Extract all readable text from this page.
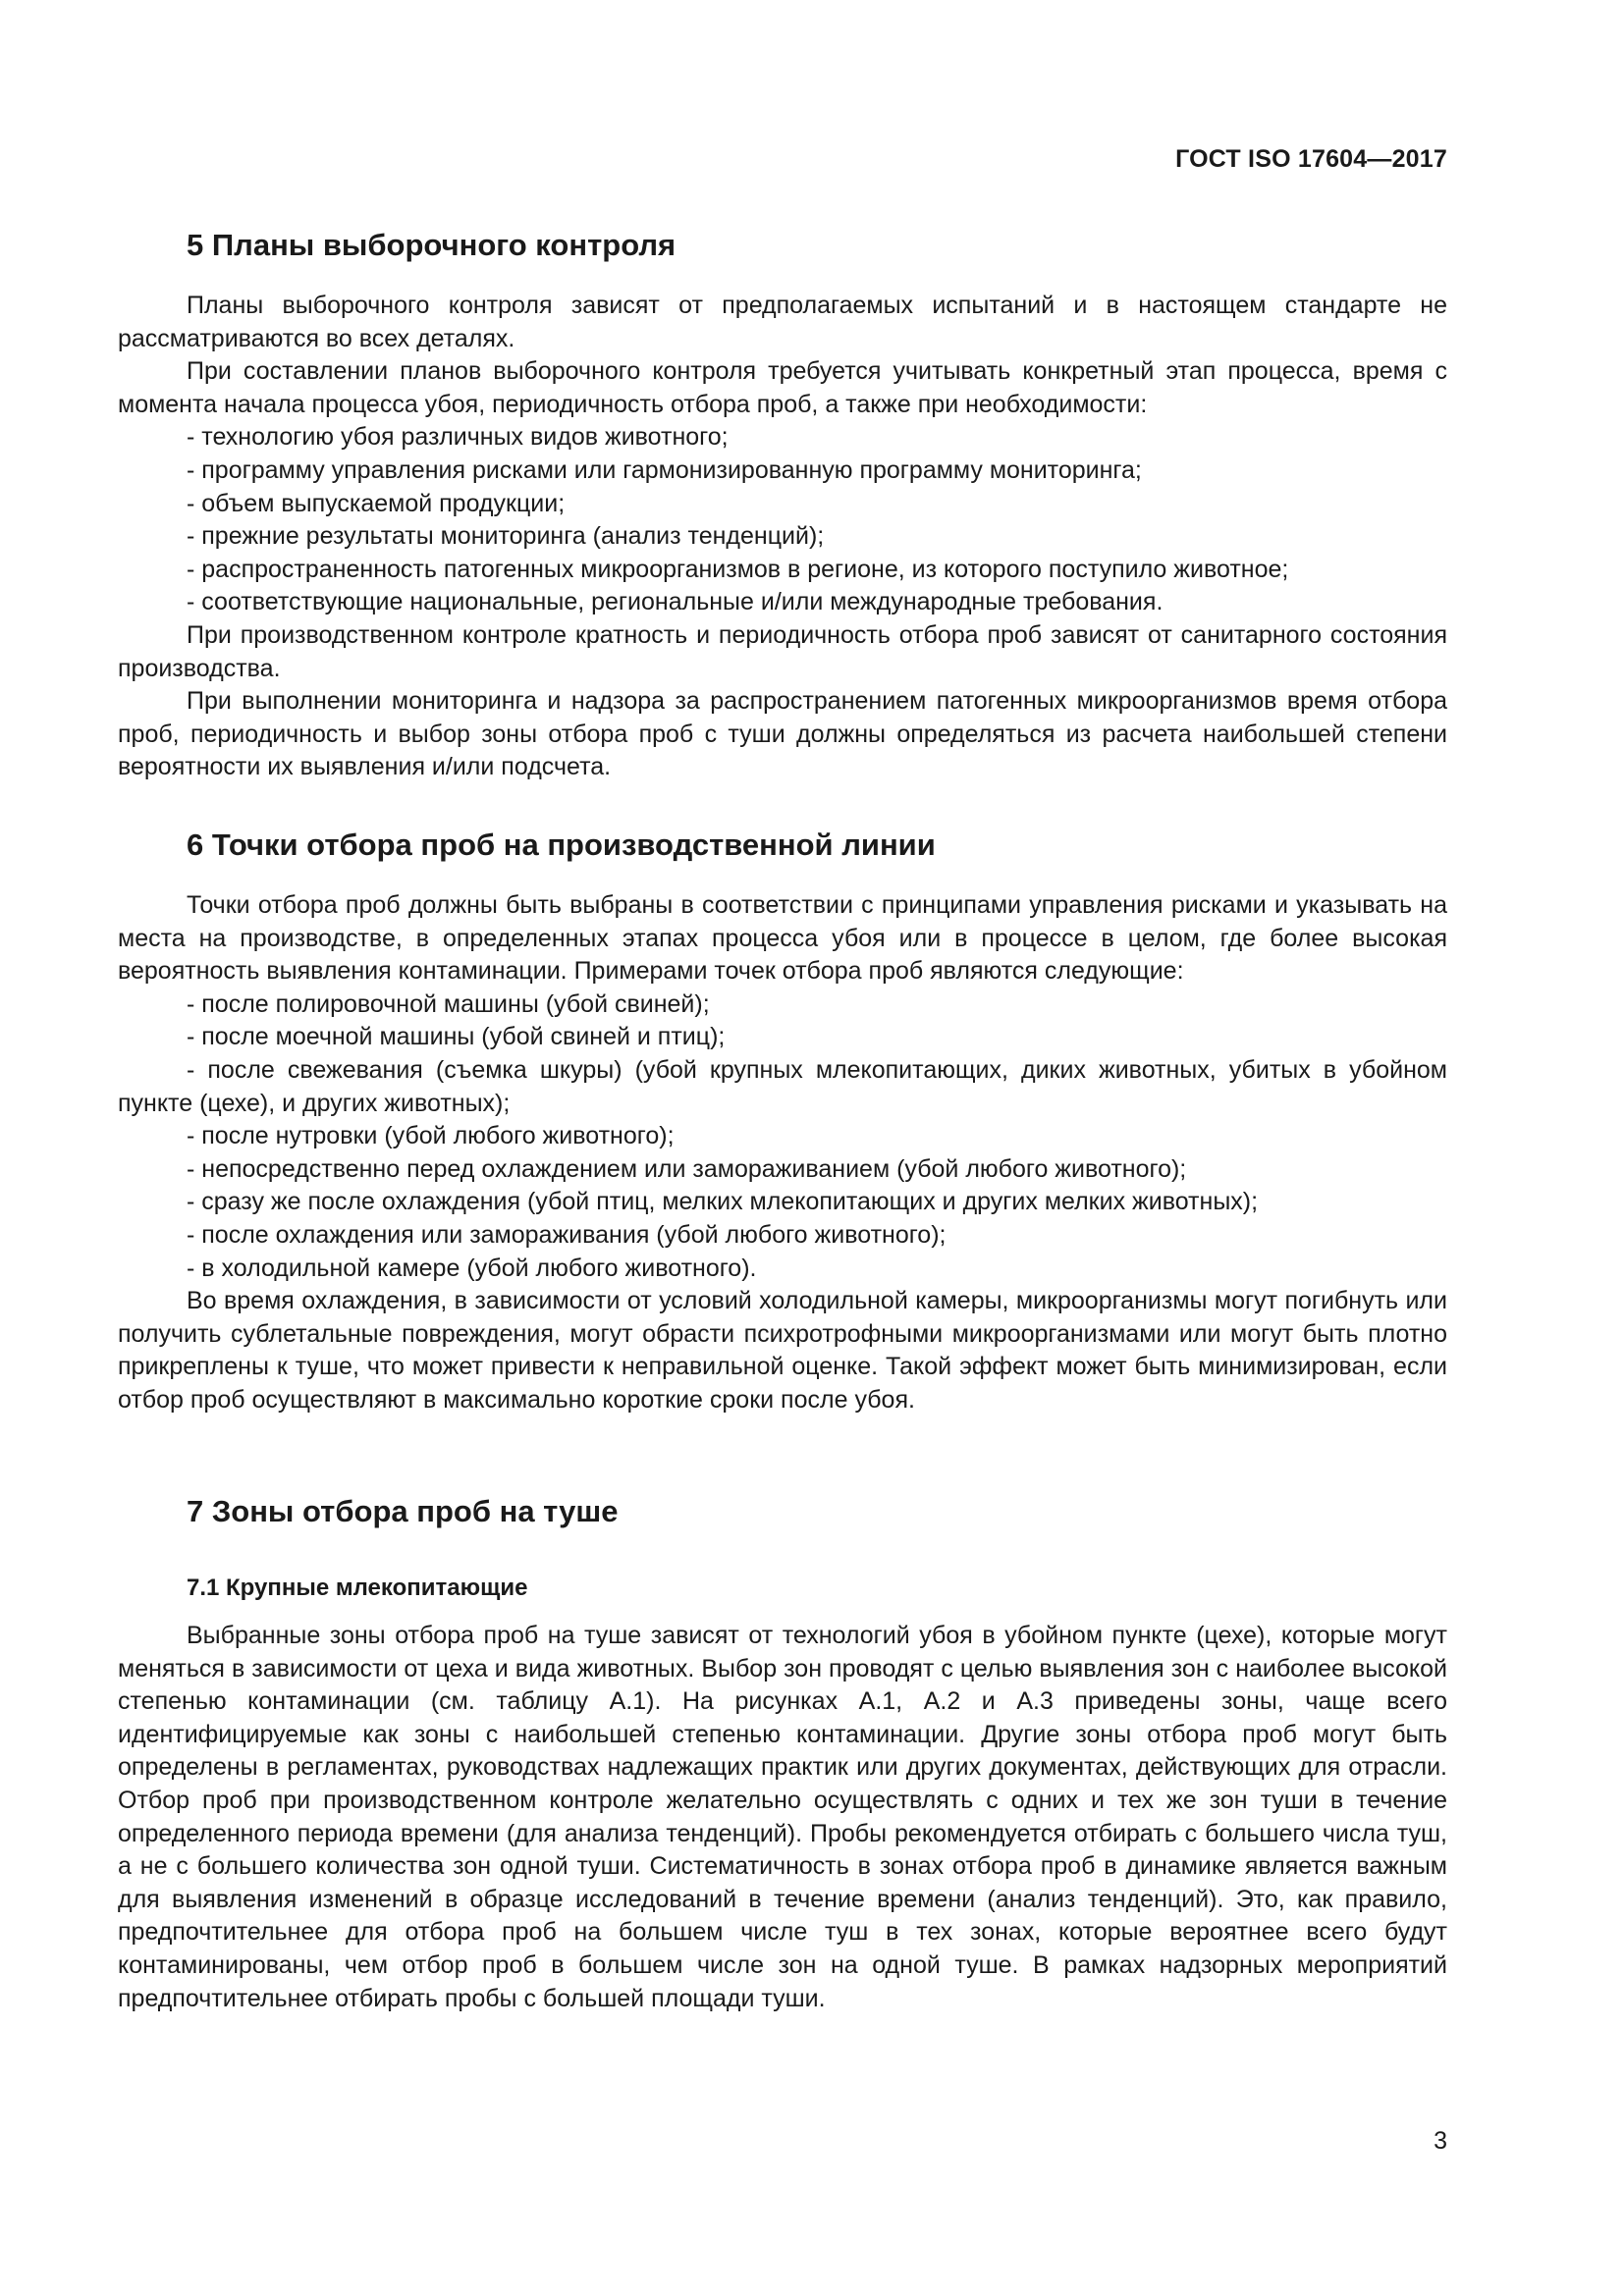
ГОСТ ISO 17604—2017
5 Планы выборочного контроля

Планы выборочного контроля зависят от предполагаемых испытаний и в настоящем стандарте не рассматриваются во всех деталях.

При составлении планов выборочного контроля требуется учитывать конкретный этап процесса, время с момента начала процесса убоя, периодичность отбора проб, а также при необходимости:

- технологию убоя различных видов животного;

- программу управления рисками или гармонизированную программу мониторинга;

- объем выпускаемой продукции;

- прежние результаты мониторинга (анализ тенденций);

- распространенность патогенных микроорганизмов в регионе, из которого поступило животное;

- соответствующие национальные, региональные и/или международные требования.

При производственном контроле кратность и периодичность отбора проб зависят от санитарного состояния производства.

При выполнении мониторинга и надзора за распространением патогенных микроорганизмов время отбора проб, периодичность и выбор зоны отбора проб с туши должны определяться из расчета наибольшей степени вероятности их выявления и/или подсчета.

6 Точки отбора проб на производственной линии

Точки отбора проб должны быть выбраны в соответствии с принципами управления рисками и указывать на места на производстве, в определенных этапах процесса убоя или в процессе в целом, где более высокая вероятность выявления контаминации. Примерами точек отбора проб являются следующие:

- после полировочной машины (убой свиней);

- после моечной машины (убой свиней и птиц);

- после свежевания (съемка шкуры) (убой крупных млекопитающих, диких животных, убитых в убойном пункте (цехе), и других животных);

- после нутровки (убой любого животного);

- непосредственно перед охлаждением или замораживанием (убой любого животного);

- сразу же после охлаждения (убой птиц, мелких млекопитающих и других мелких животных);

- после охлаждения или замораживания (убой любого животного);

- в холодильной камере (убой любого животного).

Во время охлаждения, в зависимости от условий холодильной камеры, микроорганизмы могут погибнуть или получить сублетальные повреждения, могут обрасти психротрофными микроорганизмами или могут быть плотно прикреплены к туше, что может привести к неправильной оценке. Такой эффект может быть минимизирован, если отбор проб осуществляют в максимально короткие сроки после убоя.

7 Зоны отбора проб на туше
7.1 Крупные млекопитающие

Выбранные зоны отбора проб на туше зависят от технологий убоя в убойном пункте (цехе), которые могут меняться в зависимости от цеха и вида животных. Выбор зон проводят с целью выявления зон с наиболее высокой степенью контаминации (см. таблицу А.1). На рисунках А.1, А.2 и А.3 приведены зоны, чаще всего идентифицируемые как зоны с наибольшей степенью контаминации. Другие зоны отбора проб могут быть определены в регламентах, руководствах надлежащих практик или других документах, действующих для отрасли. Отбор проб при производственном контроле желательно осуществлять с одних и тех же зон туши в течение определенного периода времени (для анализа тенденций). Пробы рекомендуется отбирать с большего числа туш, а не с большего количества зон одной туши. Систематичность в зонах отбора проб в динамике является важным для выявления изменений в образце исследований в течение времени (анализ тенденций). Это, как правило, предпочтительнее для отбора проб на большем числе туш в тех зонах, которые вероятнее всего будут контаминированы, чем отбор проб в большем числе зон на одной туше. В рамках надзорных мероприятий предпочтительнее отбирать пробы с большей площади туши.

3
